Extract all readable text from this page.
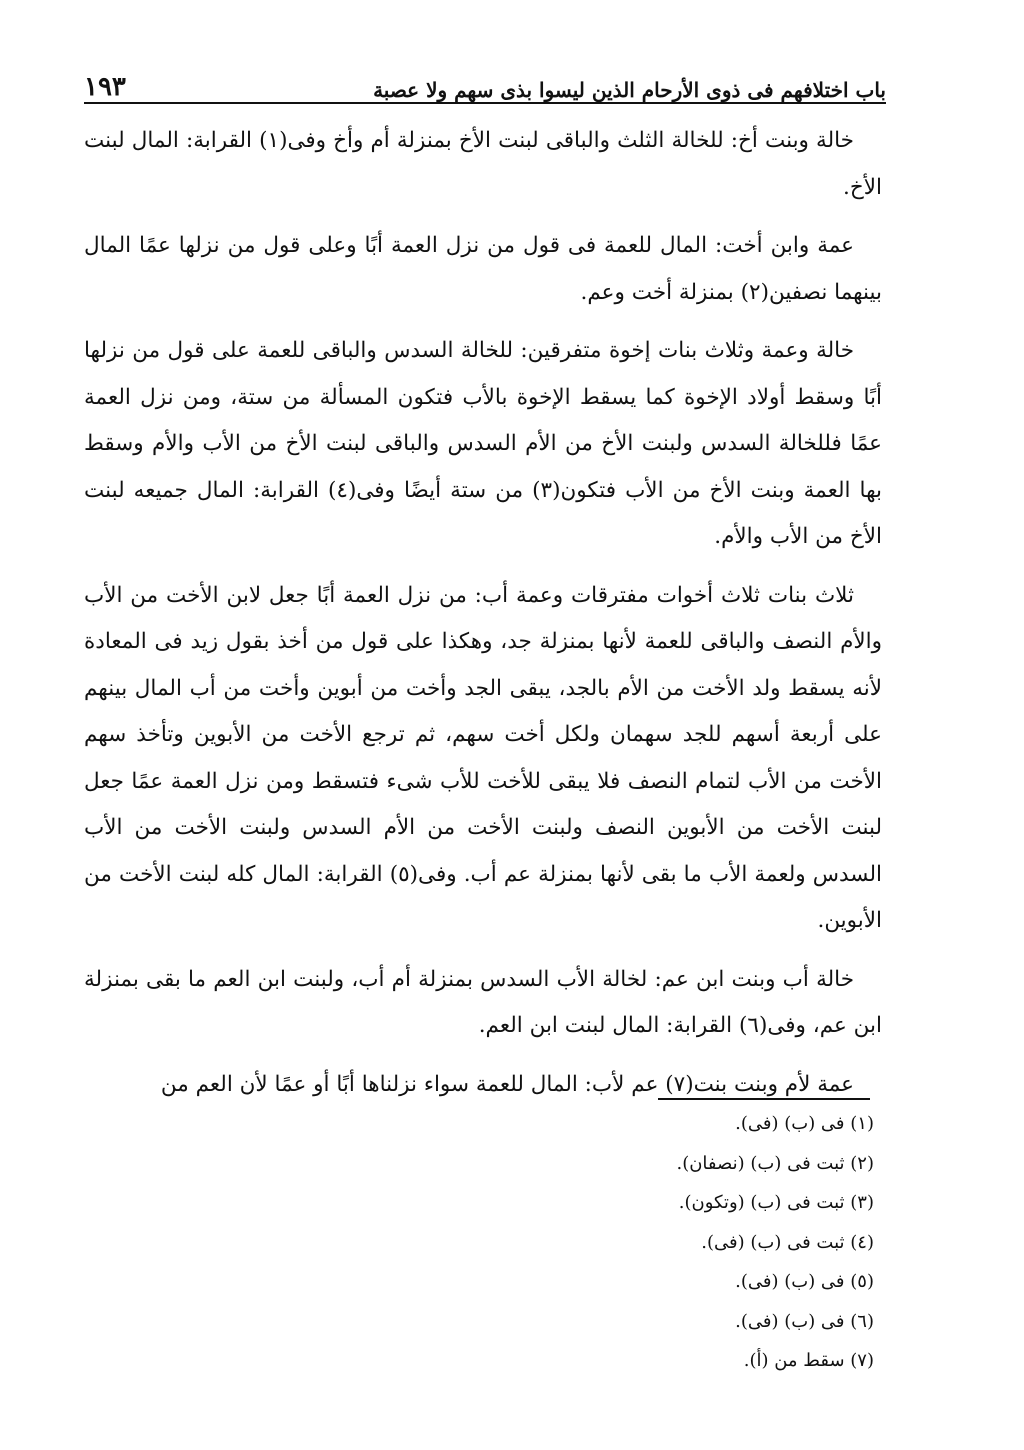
١٩٣	باب اختلافهم فى ذوى الأرحام الذين ليسوا بذى سهم ولا عصبة

خالة وبنت أخ: للخالة الثلث والباقى لبنت الأخ بمنزلة أم وأخ وفى(١) القرابة: المال لبنت الأخ.

عمة وابن أخت: المال للعمة فى قول من نزل العمة أبًا وعلى قول من نزلها عمًا المال بينهما نصفين(٢) بمنزلة أخت وعم.

خالة وعمة وثلاث بنات إخوة متفرقين: للخالة السدس والباقى للعمة على قول من نزلها أبًا وسقط أولاد الإخوة كما يسقط الإخوة بالأب فتكون المسألة من ستة، ومن نزل العمة عمًا فللخالة السدس ولبنت الأخ من الأم السدس والباقى لبنت الأخ من الأب والأم وسقط بها العمة وبنت الأخ من الأب فتكون(٣) من ستة أيضًا وفى(٤) القرابة: المال جميعه لبنت الأخ من الأب والأم.

ثلاث بنات ثلاث أخوات مفترقات وعمة أب: من نزل العمة أبًا جعل لابن الأخت من الأب والأم النصف والباقى للعمة لأنها بمنزلة جد، وهكذا على قول من أخذ بقول زيد فى المعادة لأنه يسقط ولد الأخت من الأم بالجد، يبقى الجد وأخت من أبوين وأخت من أب المال بينهم على أربعة أسهم للجد سهمان ولكل أخت سهم، ثم ترجع الأخت من الأبوين وتأخذ سهم الأخت من الأب لتمام النصف فلا يبقى للأخت للأب شىء فتسقط ومن نزل العمة عمًا جعل لبنت الأخت من الأبوين النصف ولبنت الأخت من الأم السدس ولبنت الأخت من الأب السدس ولعمة الأب ما بقى لأنها بمنزلة عم أب. وفى(٥) القرابة: المال كله لبنت الأخت من الأبوين.

خالة أب وبنت ابن عم: لخالة الأب السدس بمنزلة أم أب، ولبنت ابن العم ما بقى بمنزلة ابن عم، وفى(٦) القرابة: المال لبنت ابن العم.

عمة لأم وبنت بنت(٧) عم لأب: المال للعمة سواء نزلناها أبًا أو عمًا لأن العم من

(١) فى (ب) (فى).
(٢) ثبت فى (ب) (نصفان).
(٣) ثبت فى (ب) (وتكون).
(٤) ثبت فى (ب) (فى).
(٥) فى (ب) (فى).
(٦) فى (ب) (فى).
(٧) سقط من (أ).
